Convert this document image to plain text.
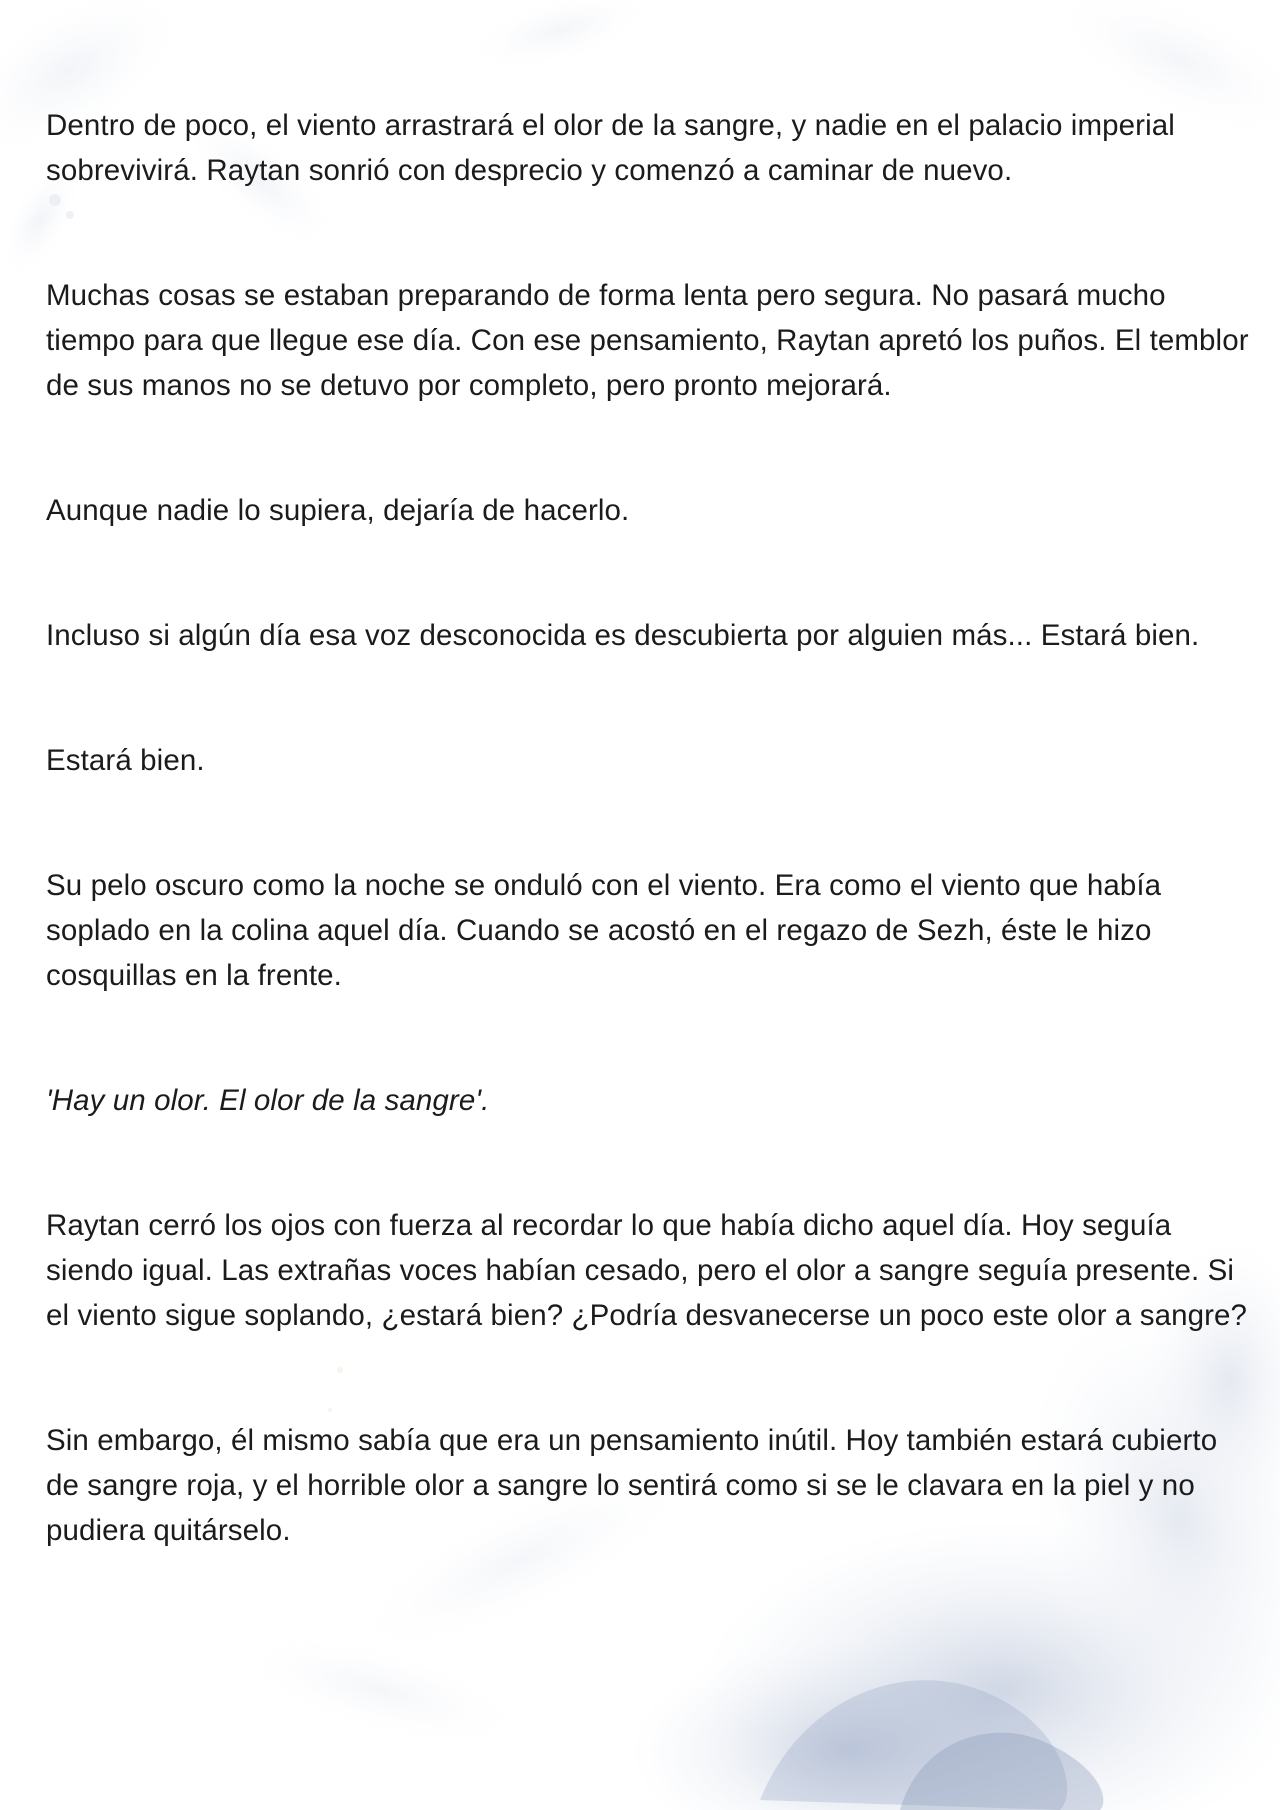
Dentro de poco, el viento arrastrará el olor de la sangre, y nadie en el palacio imperial sobrevivirá. Raytan sonrió con desprecio y comenzó a caminar de nuevo.

Muchas cosas se estaban preparando de forma lenta pero segura. No pasará mucho tiempo para que llegue ese día. Con ese pensamiento, Raytan apretó los puños. El temblor de sus manos no se detuvo por completo, pero pronto mejorará.

Aunque nadie lo supiera, dejaría de hacerlo.

Incluso si algún día esa voz desconocida es descubierta por alguien más... Estará bien.

Estará bien.

Su pelo oscuro como la noche se onduló con el viento. Era como el viento que había soplado en la colina aquel día. Cuando se acostó en el regazo de Sezh, éste le hizo cosquillas en la frente.

'Hay un olor. El olor de la sangre'.

Raytan cerró los ojos con fuerza al recordar lo que había dicho aquel día. Hoy seguía siendo igual. Las extrañas voces habían cesado, pero el olor a sangre seguía presente. Si el viento sigue soplando, ¿estará bien? ¿Podría desvanecerse un poco este olor a sangre?

Sin embargo, él mismo sabía que era un pensamiento inútil. Hoy también estará cubierto de sangre roja, y el horrible olor a sangre lo sentirá como si se le clavara en la piel y no pudiera quitárselo.
